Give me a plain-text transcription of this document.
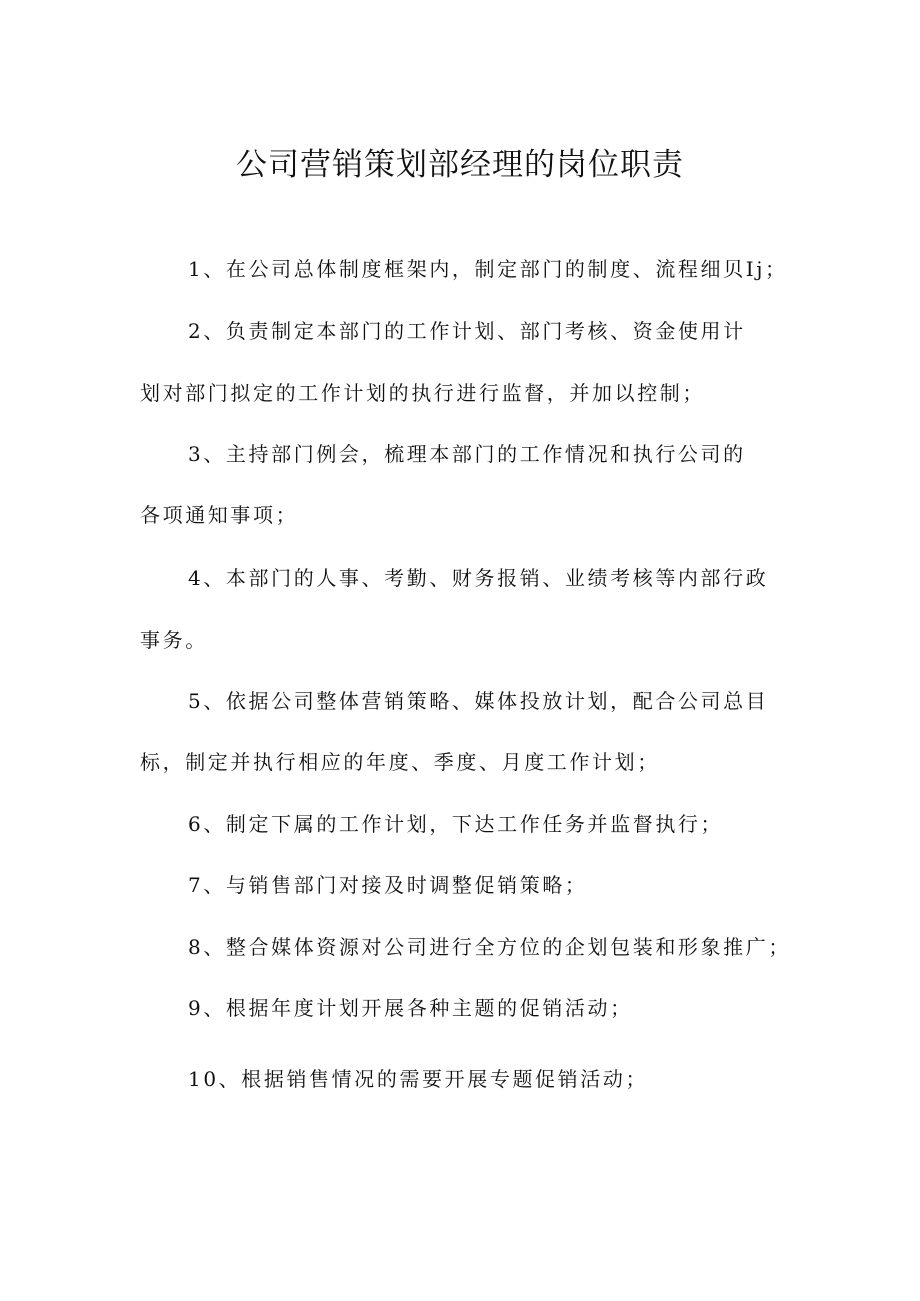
公司营销策划部经理的岗位职责
1、在公司总体制度框架内，制定部门的制度、流程细贝Ij；
2、负责制定本部门的工作计划、部门考核、资金使用计
划对部门拟定的工作计划的执行进行监督，并加以控制；
3、主持部门例会，梳理本部门的工作情况和执行公司的
各项通知事项；
4、本部门的人事、考勤、财务报销、业绩考核等内部行政
事务。
5、依据公司整体营销策略、媒体投放计划，配合公司总目
标，制定并执行相应的年度、季度、月度工作计划；
6、制定下属的工作计划，下达工作任务并监督执行；
7、与销售部门对接及时调整促销策略；
8、整合媒体资源对公司进行全方位的企划包装和形象推广；
9、根据年度计划开展各种主题的促销活动；
10、根据销售情况的需要开展专题促销活动；
